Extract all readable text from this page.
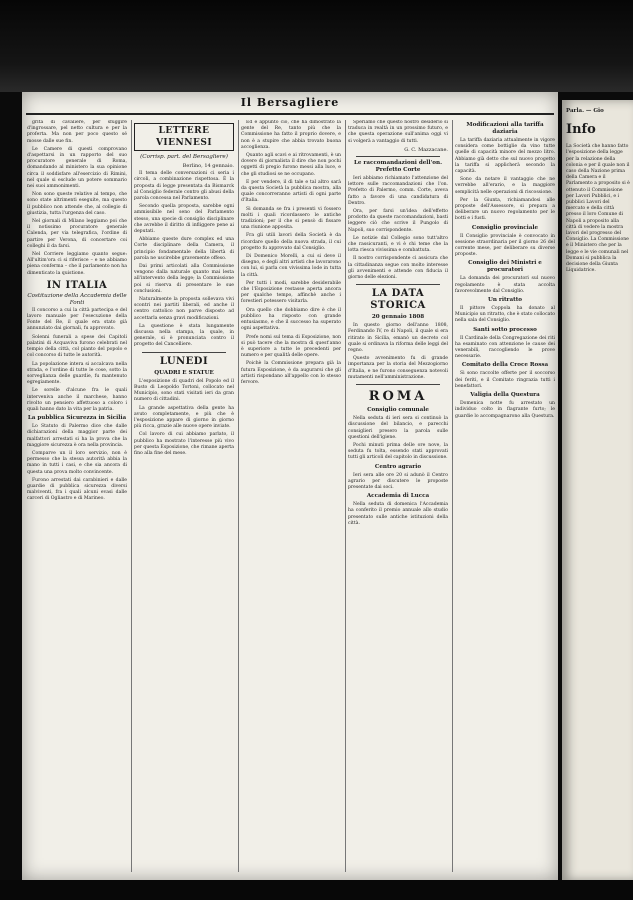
Il Bersagliere

grità di cavaliere, per sfuggire d'ingrossare, pel netto cultura e per la proferta. Ma non per poco questo sé mosse dalle sue fin.

Le Camere di questi comprovano d'aspettarsi in un rapporto del suo procuratore generale di Roma, domandando al ministero la sua opinione circa il soddisfare all'esercizio di Rimini, nel quale si esclude un potere sommario nei suoi ammonimenti.

Non sono queste relative al tempo, che sono state altrimenti eseguite, ma questo il pubblico non attende che, al collegio di giustizia, tutta l'urgenza del caso.

Nel giornali di Milano leggiamo poi che il notissimo procuratore generale Calenda, per via telegrafica, l'ordine di partire per Verona, di concertare coi colleghi il da farsi.

Nel Corriere leggiamo quanto segue: All'ultim'ora ci si riferisce – e ne abbiamo piena conferma – che il parlamento non ha dimenticato la quistione.

IN ITALIA
Costituzione della Accademia delle Fonti

Il concorso a cui la città partecipa e del lavoro manuale per l'esecuzione della Fonte del Re, il quale era stato già annunziato dai giornali, fu approvato.

Solenni funerali a spese dei Capitoli palatini di Acquaviva furono celebrati nel tempio della città, col pianto del popolo e col concorso di tutte le autorità.

La popolazione intera si accalcava nella strada, e l'ordine di tutte le cose, sotto la sorveglianza delle guardie, fu mantenuto egregiamente.

Le sorelle d'alcune fra le quali interveniva anche il marchese, hanno rivolto un pensiero affettuoso a coloro i quali hanno dato la vita per la patria.

La pubblica Sicurezza in Sicilia

Lo Statuto di Palermo dice che dalle dichiarazioni della maggior parte dei malfattori arrestati si ha la prova che la maggiore sicurezza è ora nella provincia.

Comparve un il loro servizio, non è permesso che la stessa autorità abbia la mano in tutti i casi, e che sia ancora di questa una prova molto convincente.

Furono arrestati dai carabinieri e dalle guardie di pubblica sicurezza diversi malviventi, fra i quali alcuni evasi dalle carceri di Ogliastro e di Marineo.

LETTERE VIENNESI
(Corrisp. part. del Bersagliere)
Berlino, 14 gennaio.

Il tema delle conversazioni ci seria i circoli, a combinazione rispettosa. È la proposta di legge presentata da Bismarck al Consiglio federale contro gli abusi della parola concessa nel Parlamento.

Secondo quella proposta, sarebbe ogni ammissibile nel seno del Parlamento stesso, una specie di consiglio disciplinare che avrebbe il diritto di infliggere pene ai deputati.

Abbiamo queste dure complex ed una Corte disciplinare della Camera, il principio fondamentale della libertà di parola ne uscirebbe gravemente offeso.

Dai primi articolati alla Commissione vengono dalla naturale quanto mai lesta all'intervento della legge; la Commissione poi si riserva di presentare le sue conclusioni.

Naturalmente la proposta sollevava vivi scontri nei partiti liberali, ed anche il centro cattolico non parve disposto ad accettarla senza gravi modificazioni.

La questione è stata lungamente discussa nella stampa, la quale, in generale, si è pronunciata contro il progetto del Cancelliere.

LUNEDI
QUADRI E STATUE

L'esposizione di quadri del Popolo ed il Busto di Leopoldo Tortoni, collocato nel Municipio, sono stati visitati ieri da gran numero di cittadini.

La grande aspettativa della gente ha avuto completamente, e più che è l'esposizione appare di giorno in giorno più ricca, grazie alle nuove opere inviate.

Col lavoro di cui abbiamo parlato, il pubblico ha mostrato l'interesse più vivo per questa Esposizione, che rimane aperta fino alla fine del mese.

Ed è appunto ciò, che ha dimostrato la gente del Re, tanto più che la Commissione ha fatto il proprio dovere, e non è a stupire che abbia trovato buona accoglienza.

Quanto agli scavi e ai ritrovamenti, è un dovere di giornalista il dire che non pochi oggetti di pregio furono messi alla luce, e che gli studiosi se ne occupano.

E per vendere, il dì tale e tal altro sarà da questa Società la pubblica mostra, alla quale concorreranno artisti di ogni parte d'Italia.

Si domanda se fra i presenti vi fossero molti i quali ricordassero le antiche tradizioni; per il che si pensò di fissare una riunione apposita.

Fra gli utili lavori della Società è da ricordare quello della nuova strada, il cui progetto fu approvato dal Consiglio.

Di Domenico Morelli, a cui si deve il disegno, e degli altri artisti che lavorarono con lui, si parla con vivissima lode in tutta la città.

Per tutti i modi, sarebbe desiderabile che l'Esposizione restasse aperta ancora per qualche tempo, affinchè anche i forestieri potessero visitarla.

Ora quello che dobbiamo dire è che il pubblico ha risposto con grande entusiasmo, e che il successo ha superato ogni aspettativa.

Prefe nomi sul tema di Esposizione, non si può tacere che la mostra di quest'anno è superiore a tutte le precedenti per numero e per qualità delle opere.

Poichè la Commissione prepara già la futura Esposizione, è da augurarsi che gli artisti rispondano all'appello con lo stesso fervore.

Speriamo che questo nostro desiderio si traduca in realtà in un prossimo futuro, e che questa operazione sull'anima oggi vi si volgerà a vantaggio di tutti.

G. C. Mazzacane.
Le raccomandazioni dell'on. Prefetto Corte

Ieri abbiamo richiamato l'attenzione del lettore sulle raccomandazioni che l'on. Prefetto di Palermo, comm. Corte, aveva fatto a favore di una candidatura di Dentro.

Ora, per farsi un'idea dell'effetto prodotto da queste raccomandazioni, basti leggere ciò che scrive il Pungolo di Napoli, suo corrispondente.

Le notizie dal Collegio sono tutt'altro che rassicuranti, e vi è chi teme che la lotta riesca vivissima e combattuta.

Il nostro corrispondente ci assicura che la cittadinanza segue con molto interesse gli avvenimenti e attende con fiducia il giorno delle elezioni.

LA DATA STORICA
20 gennaio 1808

In questo giorno dell'anno 1808, Ferdinando IV, re di Napoli, il quale si era ritirato in Sicilia, emanò un decreto col quale si ordinava la riforma delle leggi del regno.

Questo avvenimento fu di grande importanza per la storia del Mezzogiorno d'Italia, e ne furono conseguenza notevoli mutamenti nell'amministrazione.

ROMA
Consiglio comunale

Nella seduta di ieri sera si continuò la discussione del bilancio, e parecchi consiglieri presero la parola sulle questioni dell'igiene.

Pochi minuti prima delle ore nove, la seduta fu tolta, essendo stati approvati tutti gli articoli del capitolo in discussione.

Centro agrario

Ieri sera alle ore 20 si adunò il Centro agrario per discutere le proposte presentate dai soci.

Accademia di Lucca

Nella seduta di domenica l'Accademia ha conferito il premio annuale allo studio presentato sulle antiche istituzioni della città.

Modificazioni alla tariffa daziaria

La tariffa daziaria attualmente in vigore considera come bottiglie da vino tutte quelle di capacità minore del mezzo litro. Abbiamo già detto che sul nuovo progetto la tariffa si applicherà secondo la capacità.

Sono da notare il vantaggio che ne verrebbe all'erario, e la maggiore semplicità nelle operazioni di riscossione.

Per la Giunta, richiamandosi alle proposte dell'Assessore, si prepara a deliberare un nuovo regolamento per le botti e i fusti.

Consiglio provinciale

Il Consiglio provinciale è convocato in sessione straordinaria per il giorno 26 del corrente mese, per deliberare su diverse proposte.

Consiglio dei Ministri e procuratori

La domanda dei procuratori sul nuovo regolamento è stata accolta favorevolmente dal Consiglio.

Un ritratto

Il pittore Coppola ha donato al Municipio un ritratto, che è stato collocato nella sala del Consiglio.

Santi sotto processo

Il Cardinale della Congregazione dei riti ha esaminato con attenzione le cause dei venerabili, raccogliendo le prove necessarie.

Comitato della Croce Rossa

Si sono raccolte offerte per il soccorso dei feriti, e il Comitato ringrazia tutti i benefattori.

Valigia della Questura

Domenica notte fu arrestato un individuo colto in flagrante furto; le guardie lo accompagnarono alla Questura.

Parla. — Gio
Info

La Società che hanno fatto l'esposizione della legge per la relazione della colonia e per il quale non il caso della Nazione prima della Camera e il Parlamento a proposito si è ottenuto il Commissione per Lavori Pubblici, e i pubblici Lavori del mercato e della città presso il loro Comune di Napoli a proposito alla città di vedere la mostra lavori del progresso del Consiglio. La Commissione e il Ministero che per la legge e le vie comunali nel Domani si pubblica la decisione della Giunta Liquidatrice.
